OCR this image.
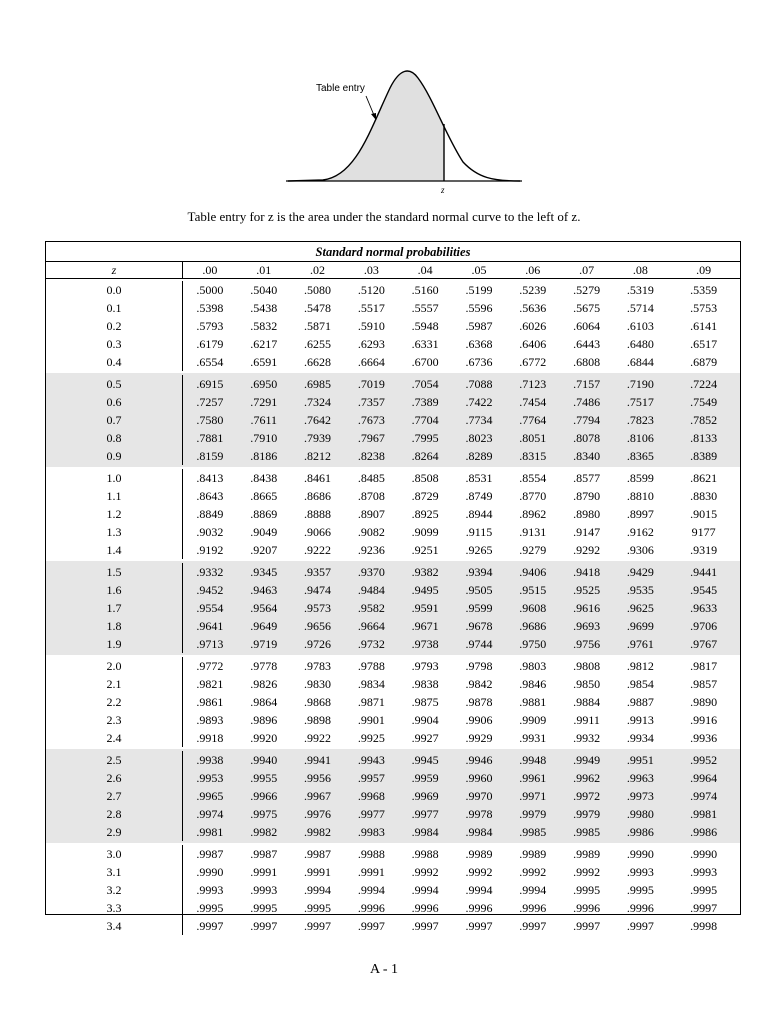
Table entry
z
Table entry for z is the area under the standard normal curve to the left of z.
Standard normal probabilities
z	.00	.01	.02	.03	.04	.05	.06	.07	.08	.09
0.0	.5000	.5040	.5080	.5120	.5160	.5199	.5239	.5279	.5319	.5359
0.1	.5398	.5438	.5478	.5517	.5557	.5596	.5636	.5675	.5714	.5753
0.2	.5793	.5832	.5871	.5910	.5948	.5987	.6026	.6064	.6103	.6141
0.3	.6179	.6217	.6255	.6293	.6331	.6368	.6406	.6443	.6480	.6517
0.4	.6554	.6591	.6628	.6664	.6700	.6736	.6772	.6808	.6844	.6879
0.5	.6915	.6950	.6985	.7019	.7054	.7088	.7123	.7157	.7190	.7224
0.6	.7257	.7291	.7324	.7357	.7389	.7422	.7454	.7486	.7517	.7549
0.7	.7580	.7611	.7642	.7673	.7704	.7734	.7764	.7794	.7823	.7852
0.8	.7881	.7910	.7939	.7967	.7995	.8023	.8051	.8078	.8106	.8133
0.9	.8159	.8186	.8212	.8238	.8264	.8289	.8315	.8340	.8365	.8389
1.0	.8413	.8438	.8461	.8485	.8508	.8531	.8554	.8577	.8599	.8621
1.1	.8643	.8665	.8686	.8708	.8729	.8749	.8770	.8790	.8810	.8830
1.2	.8849	.8869	.8888	.8907	.8925	.8944	.8962	.8980	.8997	.9015
1.3	.9032	.9049	.9066	.9082	.9099	.9115	.9131	.9147	.9162	9177
1.4	.9192	.9207	.9222	.9236	.9251	.9265	.9279	.9292	.9306	.9319
1.5	.9332	.9345	.9357	.9370	.9382	.9394	.9406	.9418	.9429	.9441
1.6	.9452	.9463	.9474	.9484	.9495	.9505	.9515	.9525	.9535	.9545
1.7	.9554	.9564	.9573	.9582	.9591	.9599	.9608	.9616	.9625	.9633
1.8	.9641	.9649	.9656	.9664	.9671	.9678	.9686	.9693	.9699	.9706
1.9	.9713	.9719	.9726	.9732	.9738	.9744	.9750	.9756	.9761	.9767
2.0	.9772	.9778	.9783	.9788	.9793	.9798	.9803	.9808	.9812	.9817
2.1	.9821	.9826	.9830	.9834	.9838	.9842	.9846	.9850	.9854	.9857
2.2	.9861	.9864	.9868	.9871	.9875	.9878	.9881	.9884	.9887	.9890
2.3	.9893	.9896	.9898	.9901	.9904	.9906	.9909	.9911	.9913	.9916
2.4	.9918	.9920	.9922	.9925	.9927	.9929	.9931	.9932	.9934	.9936
2.5	.9938	.9940	.9941	.9943	.9945	.9946	.9948	.9949	.9951	.9952
2.6	.9953	.9955	.9956	.9957	.9959	.9960	.9961	.9962	.9963	.9964
2.7	.9965	.9966	.9967	.9968	.9969	.9970	.9971	.9972	.9973	.9974
2.8	.9974	.9975	.9976	.9977	.9977	.9978	.9979	.9979	.9980	.9981
2.9	.9981	.9982	.9982	.9983	.9984	.9984	.9985	.9985	.9986	.9986
3.0	.9987	.9987	.9987	.9988	.9988	.9989	.9989	.9989	.9990	.9990
3.1	.9990	.9991	.9991	.9991	.9992	.9992	.9992	.9992	.9993	.9993
3.2	.9993	.9993	.9994	.9994	.9994	.9994	.9994	.9995	.9995	.9995
3.3	.9995	.9995	.9995	.9996	.9996	.9996	.9996	.9996	.9996	.9997
3.4	.9997	.9997	.9997	.9997	.9997	.9997	.9997	.9997	.9997	.9998
A - 1
